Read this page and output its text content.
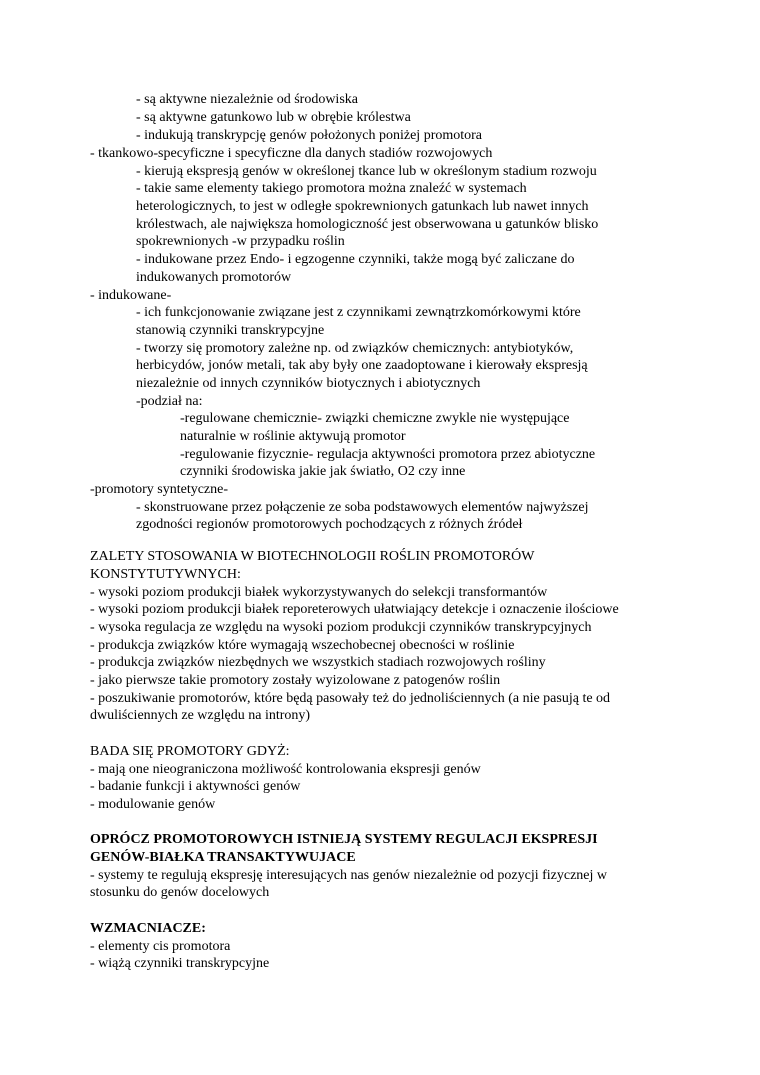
- są aktywne niezależnie od środowiska
- są aktywne gatunkowo lub w obrębie królestwa
- indukują transkrypcję genów położonych poniżej promotora
- tkankowo-specyficzne i specyficzne dla danych stadiów rozwojowych
- kierują ekspresją genów w określonej tkance lub w określonym stadium rozwoju
- takie same elementy takiego promotora można znaleźć w systemach
heterologicznych, to jest w odległe spokrewnionych gatunkach lub nawet innych
królestwach, ale największa homologiczność jest obserwowana u gatunków blisko
spokrewnionych -w przypadku roślin
- indukowane przez Endo- i egzogenne czynniki, także mogą być zaliczane do
indukowanych promotorów
- indukowane-
- ich funkcjonowanie związane jest z czynnikami zewnątrzkomórkowymi które
stanowią czynniki transkrypcyjne
- tworzy się promotory zależne np. od związków chemicznych: antybiotyków,
herbicydów, jonów metali, tak aby były one zaadoptowane i kierowały ekspresją
niezależnie od innych czynników biotycznych i abiotycznych
-podział na:
-regulowane chemicznie- związki chemiczne zwykle nie występujące
naturalnie w roślinie aktywują promotor
-regulowanie fizycznie- regulacja aktywności promotora przez abiotyczne
czynniki środowiska jakie jak światło, O2 czy inne
-promotory syntetyczne-
- skonstruowane przez połączenie ze soba podstawowych elementów najwyższej
zgodności regionów promotorowych pochodzących z różnych źródeł
ZALETY STOSOWANIA W BIOTECHNOLOGII ROŚLIN PROMOTORÓW
KONSTYTUTYWNYCH:
- wysoki poziom produkcji białek wykorzystywanych do selekcji transformantów
- wysoki poziom produkcji białek reporeterowych ułatwiający detekcje i oznaczenie ilościowe
- wysoka regulacja ze względu na wysoki poziom produkcji czynników transkrypcyjnych
- produkcja związków które wymagają wszechobecnej obecności w roślinie
- produkcja związków niezbędnych we wszystkich stadiach rozwojowych rośliny
- jako pierwsze takie promotory zostały wyizolowane z patogenów roślin
- poszukiwanie promotorów, które będą pasowały też do jednoliściennych (a nie pasują te od
dwuliściennych ze względu na introny)
BADA SIĘ PROMOTORY GDYŻ:
- mają one nieograniczona możliwość kontrolowania ekspresji genów
- badanie funkcji i aktywności genów
- modulowanie genów
OPRÓCZ PROMOTOROWYCH ISTNIEJĄ SYSTEMY REGULACJI EKSPRESJI
GENÓW-BIAŁKA TRANSAKTYWUJACE
- systemy te regulują ekspresję interesujących nas genów niezależnie od pozycji fizycznej w
stosunku do genów docelowych
WZMACNIACZE:
- elementy cis promotora
- wiążą czynniki transkrypcyjne
